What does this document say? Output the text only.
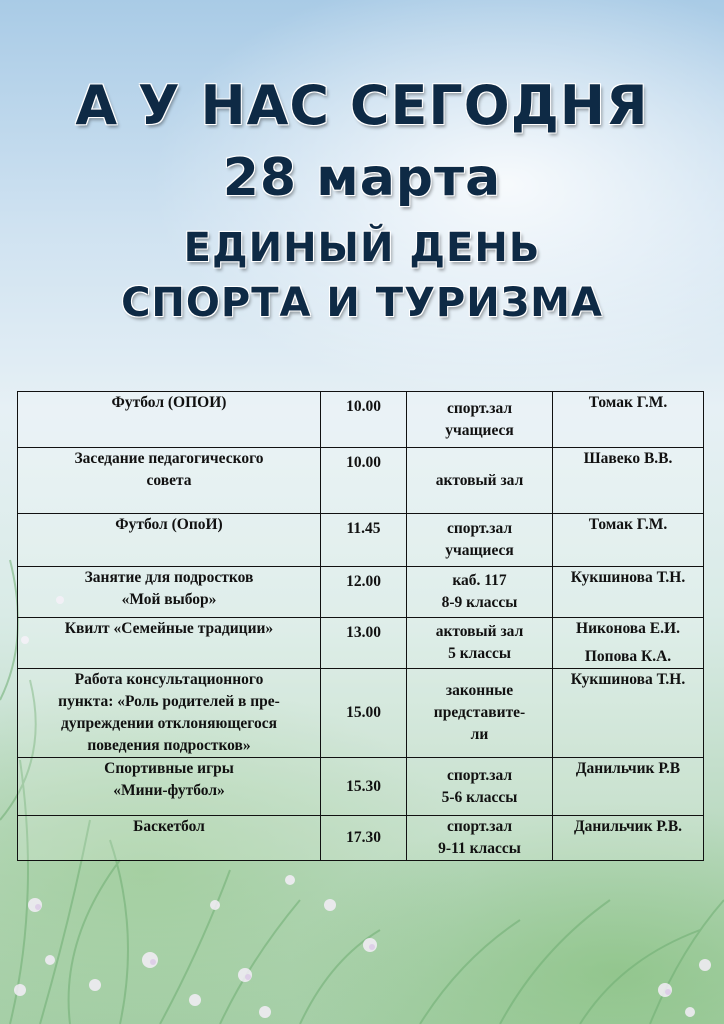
А У НАС СЕГОДНЯ
28 марта
ЕДИНЫЙ ДЕНЬ
СПОРТА И ТУРИЗМА
Футбол (ОПОИ)	10.00	спорт.зал
учащиеся	Томак Г.М.

Заседание педагогического
совета	10.00	актовый зал	Шавеко В.В.

Футбол (ОпоИ)	11.45	спорт.зал
учащиеся	Томак Г.М.

Занятие для подростков
«Мой выбор»	12.00	каб. 117
8-9 классы	Кукшинова Т.Н.

Квилт «Семейные традиции»	13.00	актовый зал
5 классы	Никонова Е.И.
Попова К.А.

Работа консультационного
пункта: «Роль родителей в пре-
дупреждении отклоняющегося
поведения подростков»	15.00	законные
представите-
ли	Кукшинова Т.Н.

Спортивные игры
«Мини-футбол»	15.30	спорт.зал
5-6 классы	Данильчик Р.В

Баскетбол	17.30	спорт.зал
9-11 классы	Данильчик Р.В.
